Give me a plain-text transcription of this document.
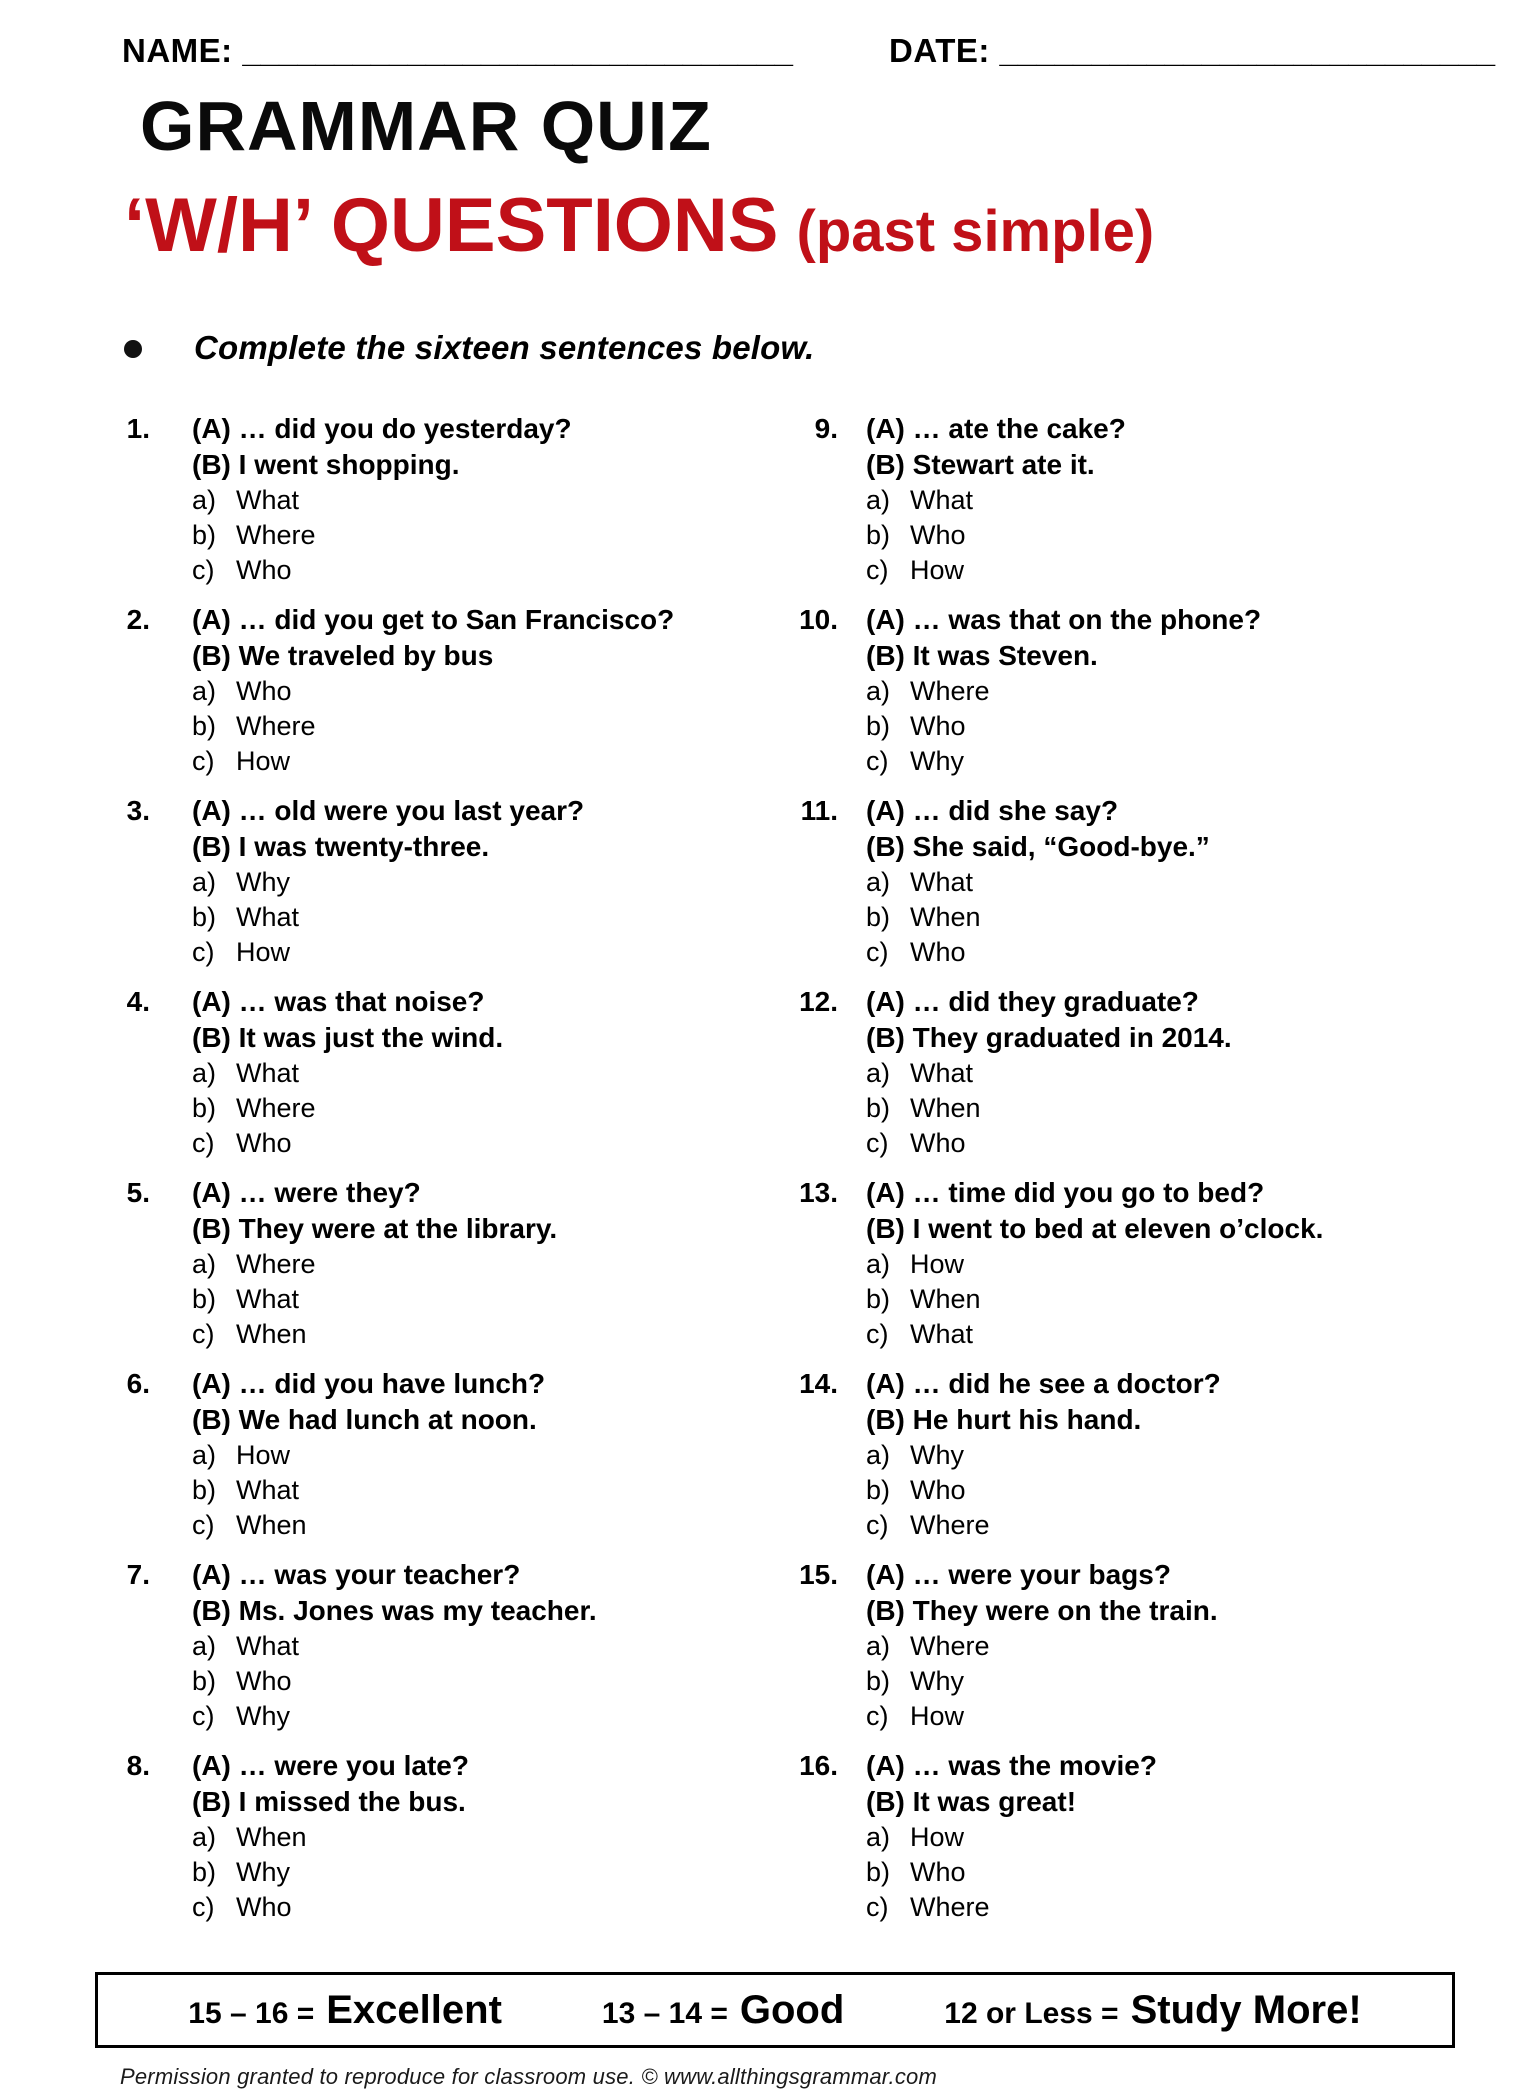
NAME: ______________________________	DATE: ___________________________
GRAMMAR QUIZ
‘W/H’ QUESTIONS (past simple)
Complete the sixteen sentences below.
1. (A) … did you do yesterday?
(B) I went shopping.
a) What
b) Where
c) Who
2. (A) … did you get to San Francisco?
(B) We traveled by bus
a) Who
b) Where
c) How
3. (A) … old were you last year?
(B) I was twenty-three.
a) Why
b) What
c) How
4. (A) … was that noise?
(B) It was just the wind.
a) What
b) Where
c) Who
5. (A) … were they?
(B) They were at the library.
a) Where
b) What
c) When
6. (A) … did you have lunch?
(B) We had lunch at noon.
a) How
b) What
c) When
7. (A) … was your teacher?
(B) Ms. Jones was my teacher.
a) What
b) Who
c) Why
8. (A) … were you late?
(B) I missed the bus.
a) When
b) Why
c) Who
9. (A) … ate the cake?
(B) Stewart ate it.
a) What
b) Who
c) How
10. (A) … was that on the phone?
(B) It was Steven.
a) Where
b) Who
c) Why
11. (A) … did she say?
(B) She said, “Good-bye.”
a) What
b) When
c) Who
12. (A) … did they graduate?
(B) They graduated in 2014.
a) What
b) When
c) Who
13. (A) … time did you go to bed?
(B) I went to bed at eleven o’clock.
a) How
b) When
c) What
14. (A) … did he see a doctor?
(B) He hurt his hand.
a) Why
b) Who
c) Where
15. (A) … were your bags?
(B) They were on the train.
a) Where
b) Why
c) How
16. (A) … was the movie?
(B) It was great!
a) How
b) Who
c) Where
15 – 16 = Excellent	13 – 14 = Good	12 or Less = Study More!
Permission granted to reproduce for classroom use. © www.allthingsgrammar.com
